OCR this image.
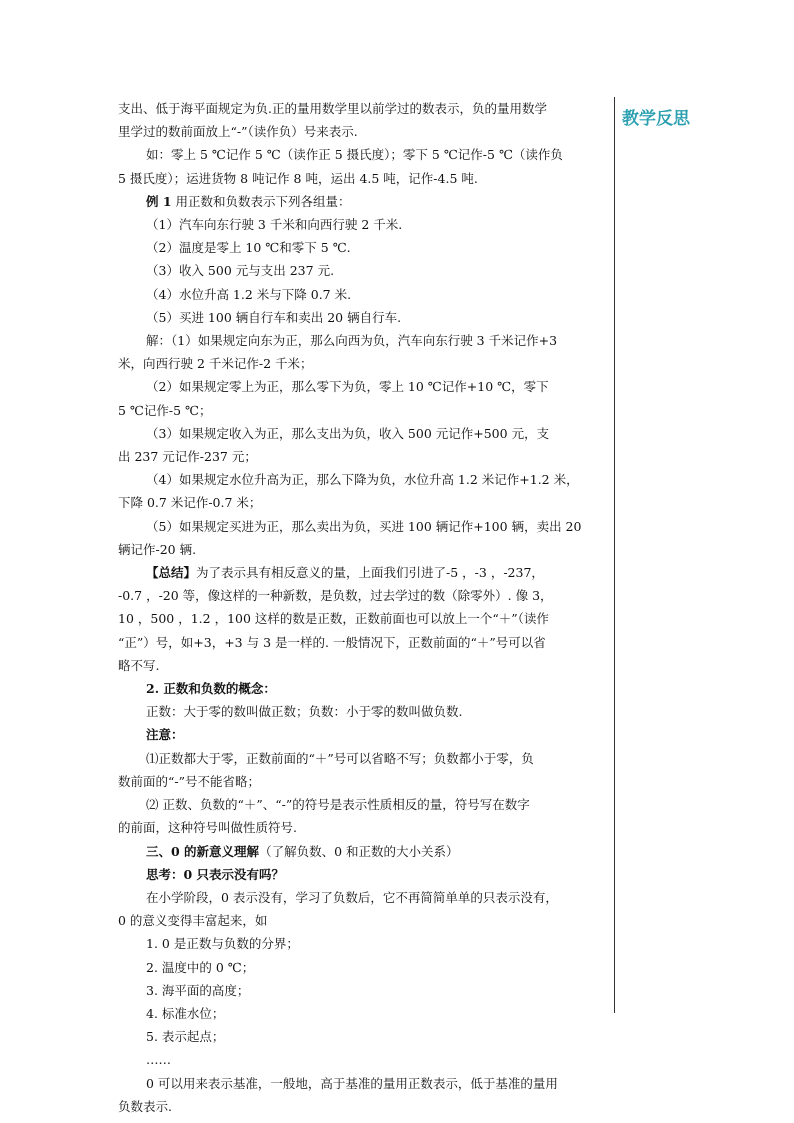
支出、低于海平面规定为负.正的量用数学里以前学过的数表示，负的量用数学

里学过的数前面放上“-”（读作负）号来表示.

如：零上 5 ℃记作 5 ℃（读作正 5 摄氏度）；零下 5 ℃记作-5 ℃（读作负

5 摄氏度）；运进货物 8 吨记作 8 吨，运出 4.5 吨，记作-4.5 吨.

例 1 用正数和负数表示下列各组量：

（1）汽车向东行驶 3 千米和向西行驶 2 千米.

（2）温度是零上 10 ℃和零下 5 ℃.

（3）收入 500 元与支出 237 元.

（4）水位升高 1.2 米与下降 0.7 米.

（5）买进 100 辆自行车和卖出 20 辆自行车.

解：（1）如果规定向东为正，那么向西为负，汽车向东行驶 3 千米记作+3

米，向西行驶 2 千米记作-2 千米；

（2）如果规定零上为正，那么零下为负，零上 10 ℃记作+10 ℃，零下

5 ℃记作-5 ℃；

（3）如果规定收入为正，那么支出为负，收入 500 元记作+500 元，支

出 237 元记作-237 元；

（4）如果规定水位升高为正，那么下降为负，水位升高 1.2 米记作+1.2 米，

下降 0.7 米记作-0.7 米；

（5）如果规定买进为正，那么卖出为负，买进 100 辆记作+100 辆，卖出 20

辆记作-20 辆.

【总结】为了表示具有相反意义的量，上面我们引进了-5 ，-3 ，-237，

-0.7 ，-20 等，像这样的一种新数，是负数，过去学过的数（除零外）. 像 3，

10 ，500 ，1.2 ，100 这样的数是正数，正数前面也可以放上一个“＋”（读作

“正”）号，如+3，+3 与 3 是一样的. 一般情况下，正数前面的“＋”号可以省

略不写.

2. 正数和负数的概念：

正数：大于零的数叫做正数；负数：小于零的数叫做负数.

注意：

⑴正数都大于零，正数前面的“＋”号可以省略不写；负数都小于零，负

数前面的“-”号不能省略；

⑵ 正数、负数的“＋”、“-”的符号是表示性质相反的量，符号写在数字

的前面，这种符号叫做性质符号.

三、0 的新意义理解（了解负数、0 和正数的大小关系）

思考：0 只表示没有吗？

在小学阶段，0 表示没有，学习了负数后，它不再简简单单的只表示没有，

0 的意义变得丰富起来，如

1. 0 是正数与负数的分界；

2. 温度中的 0 ℃；

3. 海平面的高度；

4. 标准水位；

5. 表示起点；

……

0 可以用来表示基准，一般地，高于基准的量用正数表示，低于基准的量用

负数表示.

教学反思
